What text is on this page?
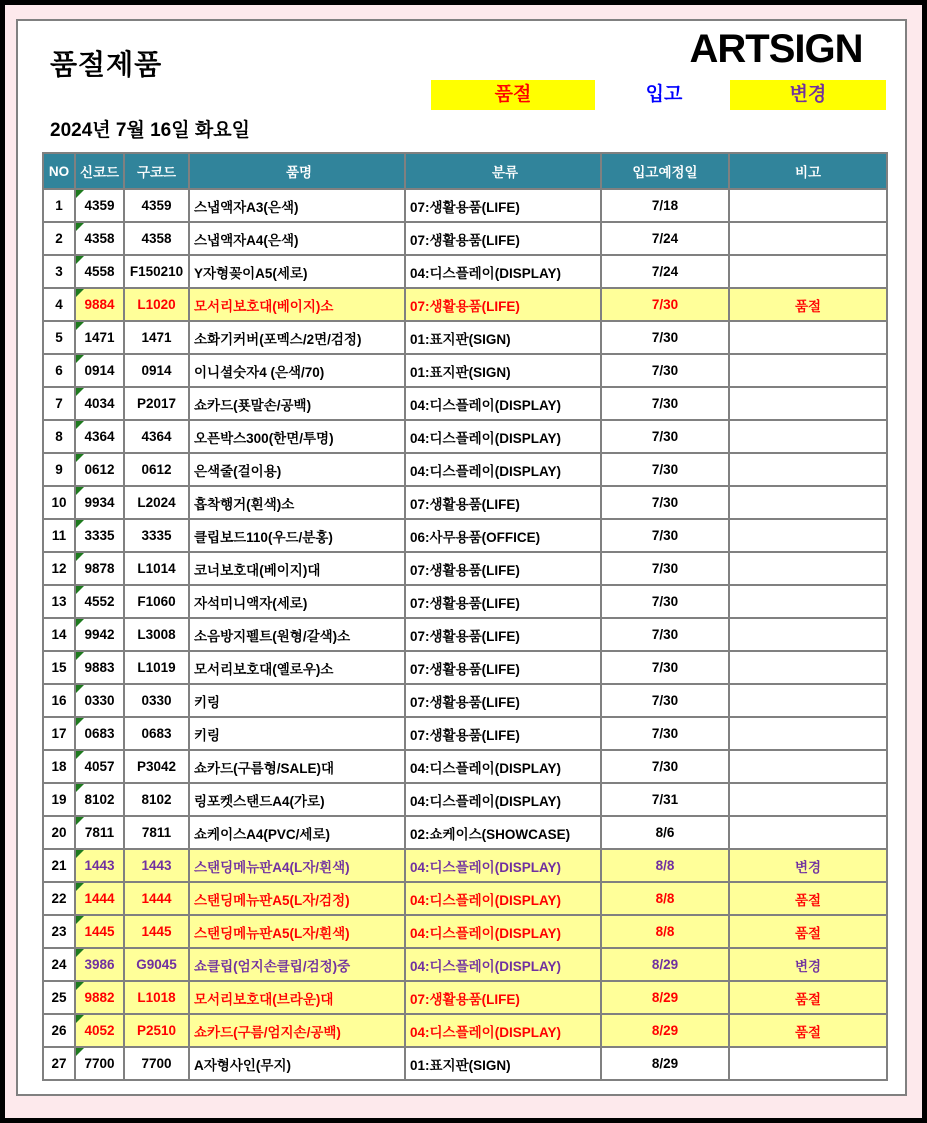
품절제품	ARTSIGN
품절	입고	변경
2024년 7월 16일 화요일
NO	신코드	구코드	품명	분류	입고예정일	비고
1	4359	4359	스냅액자A3(은색)	07:생활용품(LIFE)	7/18	
2	4358	4358	스냅액자A4(은색)	07:생활용품(LIFE)	7/24	
3	4558	F150210	Y자형꽂이A5(세로)	04:디스플레이(DISPLAY)	7/24	
4	9884	L1020	모서리보호대(베이지)소	07:생활용품(LIFE)	7/30	품절
5	1471	1471	소화기커버(포멕스/2면/검정)	01:표지판(SIGN)	7/30	
6	0914	0914	이니셜숫자4 (은색/70)	01:표지판(SIGN)	7/30	
7	4034	P2017	쇼카드(푯말손/공백)	04:디스플레이(DISPLAY)	7/30	
8	4364	4364	오픈박스300(한면/투명)	04:디스플레이(DISPLAY)	7/30	
9	0612	0612	은색줄(걸이용)	04:디스플레이(DISPLAY)	7/30	
10	9934	L2024	흡착행거(흰색)소	07:생활용품(LIFE)	7/30	
11	3335	3335	클립보드110(우드/분홍)	06:사무용품(OFFICE)	7/30	
12	9878	L1014	코너보호대(베이지)대	07:생활용품(LIFE)	7/30	
13	4552	F1060	자석미니액자(세로)	07:생활용품(LIFE)	7/30	
14	9942	L3008	소음방지펠트(원형/갈색)소	07:생활용품(LIFE)	7/30	
15	9883	L1019	모서리보호대(옐로우)소	07:생활용품(LIFE)	7/30	
16	0330	0330	키링	07:생활용품(LIFE)	7/30	
17	0683	0683	키링	07:생활용품(LIFE)	7/30	
18	4057	P3042	쇼카드(구름형/SALE)대	04:디스플레이(DISPLAY)	7/30	
19	8102	8102	링포켓스탠드A4(가로)	04:디스플레이(DISPLAY)	7/31	
20	7811	7811	쇼케이스A4(PVC/세로)	02:쇼케이스(SHOWCASE)	8/6	
21	1443	1443	스탠딩메뉴판A4(L자/흰색)	04:디스플레이(DISPLAY)	8/8	변경
22	1444	1444	스탠딩메뉴판A5(L자/검정)	04:디스플레이(DISPLAY)	8/8	품절
23	1445	1445	스탠딩메뉴판A5(L자/흰색)	04:디스플레이(DISPLAY)	8/8	품절
24	3986	G9045	쇼클립(엄지손클립/검정)중	04:디스플레이(DISPLAY)	8/29	변경
25	9882	L1018	모서리보호대(브라운)대	07:생활용품(LIFE)	8/29	품절
26	4052	P2510	쇼카드(구름/엄지손/공백)	04:디스플레이(DISPLAY)	8/29	품절
27	7700	7700	A자형사인(무지)	01:표지판(SIGN)	8/29	
